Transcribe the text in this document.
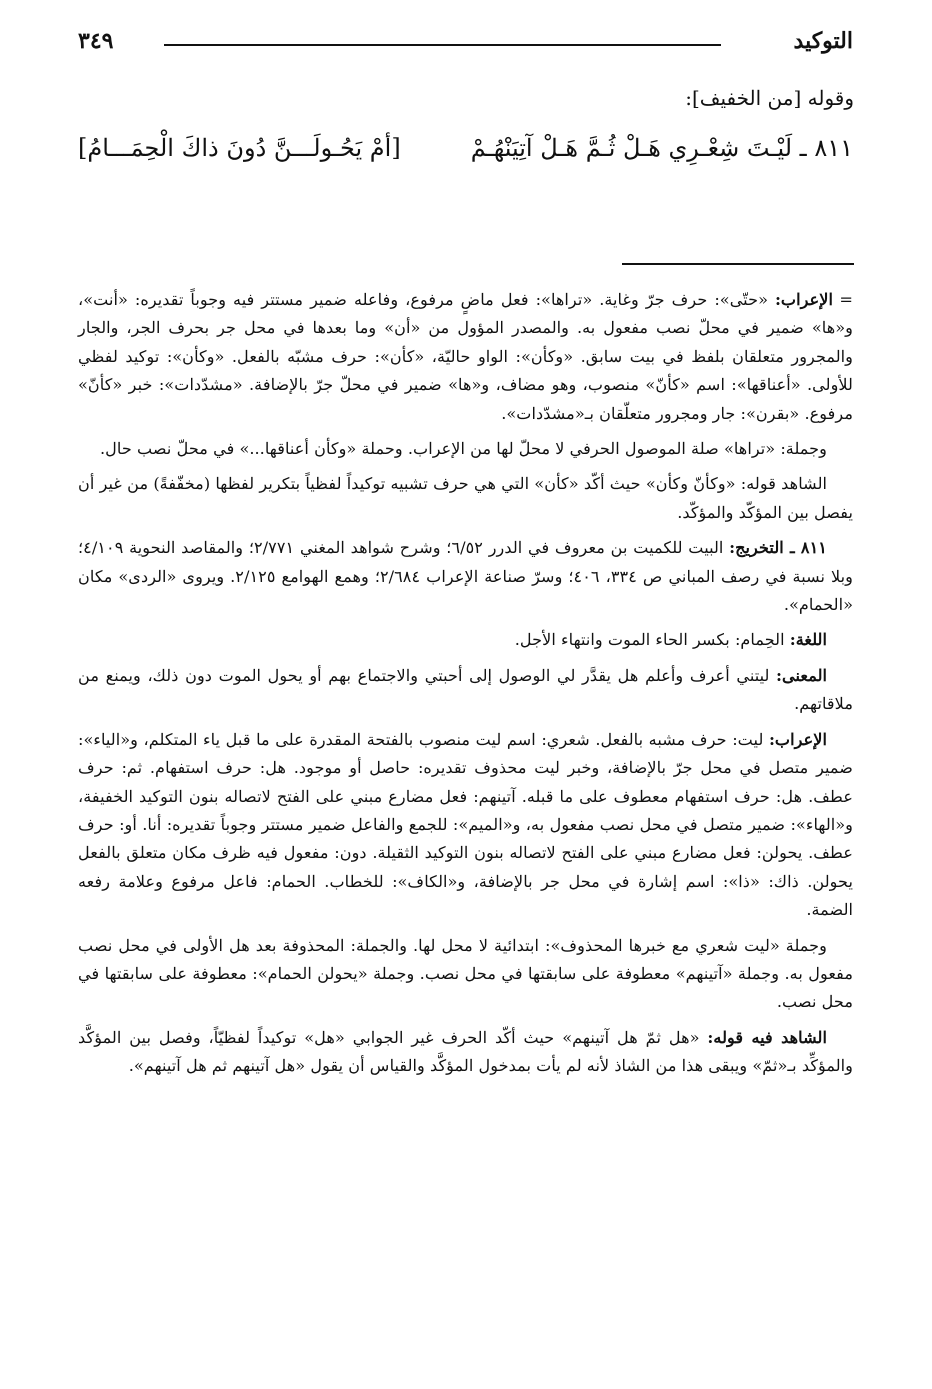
التوكيد
٣٤٩
وقوله [من الخفيف]:
٨١١ ـ لَيْـتَ شِعْـرِي هَـلْ ثُـمَّ هَـلْ آتِيَنْهُـمْ
[أمْ يَحُـولَـــنَّ دُونَ ذاكَ الْحِمَـــامُ]

=الإعراب: «حتّى»: حرف جرّ وغاية. «تراها»: فعل ماضٍ مرفوع، وفاعله ضمير مستتر فيه وجوباً تقديره: «أنت»، و«ها» ضمير في محلّ نصب مفعول به. والمصدر المؤول من «أن» وما بعدها في محل جر بحرف الجر، والجار والمجرور متعلقان بلفظ في بيت سابق. «وكأن»: الواو حاليّة، «كأن»: حرف مشبّه بالفعل. «وكأن»: توكيد لفظي للأولى. «أعناقها»: اسم «كأنّ» منصوب، وهو مضاف، و«ها» ضمير في محلّ جرّ بالإضافة. «مشدّدات»: خبر «كأنّ» مرفوع. «بقرن»: جار ومجرور متعلّقان بـ«مشدّدات».

وجملة: «تراها» صلة الموصول الحرفي لا محلّ لها من الإعراب. وحملة «وكأن أعناقها...» في محلّ نصب حال.

الشاهد قوله: «وكأنّ وكأن» حيث أكّد «كأن» التي هي حرف تشبيه توكيداً لفظياً بتكرير لفظها (مخفّفةً) من غير أن يفصل بين المؤكّد والمؤكّد.

٨١١ ـ التخريج: البيت للكميت بن معروف في الدرر ٦/٥٢؛ وشرح شواهد المغني ٢/٧٧١؛ والمقاصد النحوية ٤/١٠٩؛ وبلا نسبة في رصف المباني ص ٣٣٤، ٤٠٦؛ وسرّ صناعة الإعراب ٢/٦٨٤؛ وهمع الهوامع ٢/١٢٥. ويروى «الردى» مكان «الحمام».

اللغة: الحِمام: بكسر الحاء الموت وانتهاء الأجل.

المعنى: ليتني أعرف وأعلم هل يقدَّر لي الوصول إلى أحبتي والاجتماع بهم أو يحول الموت دون ذلك، ويمنع من ملاقاتهم.

الإعراب: ليت: حرف مشبه بالفعل. شعري: اسم ليت منصوب بالفتحة المقدرة على ما قبل ياء المتكلم، و«الياء»: ضمير متصل في محل جرّ بالإضافة، وخبر ليت محذوف تقديره: حاصل أو موجود. هل: حرف استفهام. ثم: حرف عطف. هل: حرف استفهام معطوف على ما قبله. آتينهم: فعل مضارع مبني على الفتح لاتصاله بنون التوكيد الخفيفة، و«الهاء»: ضمير متصل في محل نصب مفعول به، و«الميم»: للجمع والفاعل ضمير مستتر وجوباً تقديره: أنا. أو: حرف عطف. يحولن: فعل مضارع مبني على الفتح لاتصاله بنون التوكيد الثقيلة. دون: مفعول فيه ظرف مكان متعلق بالفعل يحولن. ذاك: «ذا»: اسم إشارة في محل جر بالإضافة، و«الكاف»: للخطاب. الحمام: فاعل مرفوع وعلامة رفعه الضمة.

وجملة «ليت شعري مع خبرها المحذوف»: ابتدائية لا محل لها. والجملة: المحذوفة بعد هل الأولى في محل نصب مفعول به. وجملة «آتينهم» معطوفة على سابقتها في محل نصب. وجملة «يحولن الحمام»: معطوفة على سابقتها في محل نصب.

الشاهد فيه قوله: «هل ثمّ هل آتينهم» حيث أكّد الحرف غير الجوابي «هل» توكيداً لفظيّاً، وفصل بين المؤكَّد والمؤكِّد بـ«ثمّ» ويبقى هذا من الشاذ لأنه لم يأت بمدخول المؤكَّد والقياس أن يقول «هل آتينهم ثم هل آتينهم».
